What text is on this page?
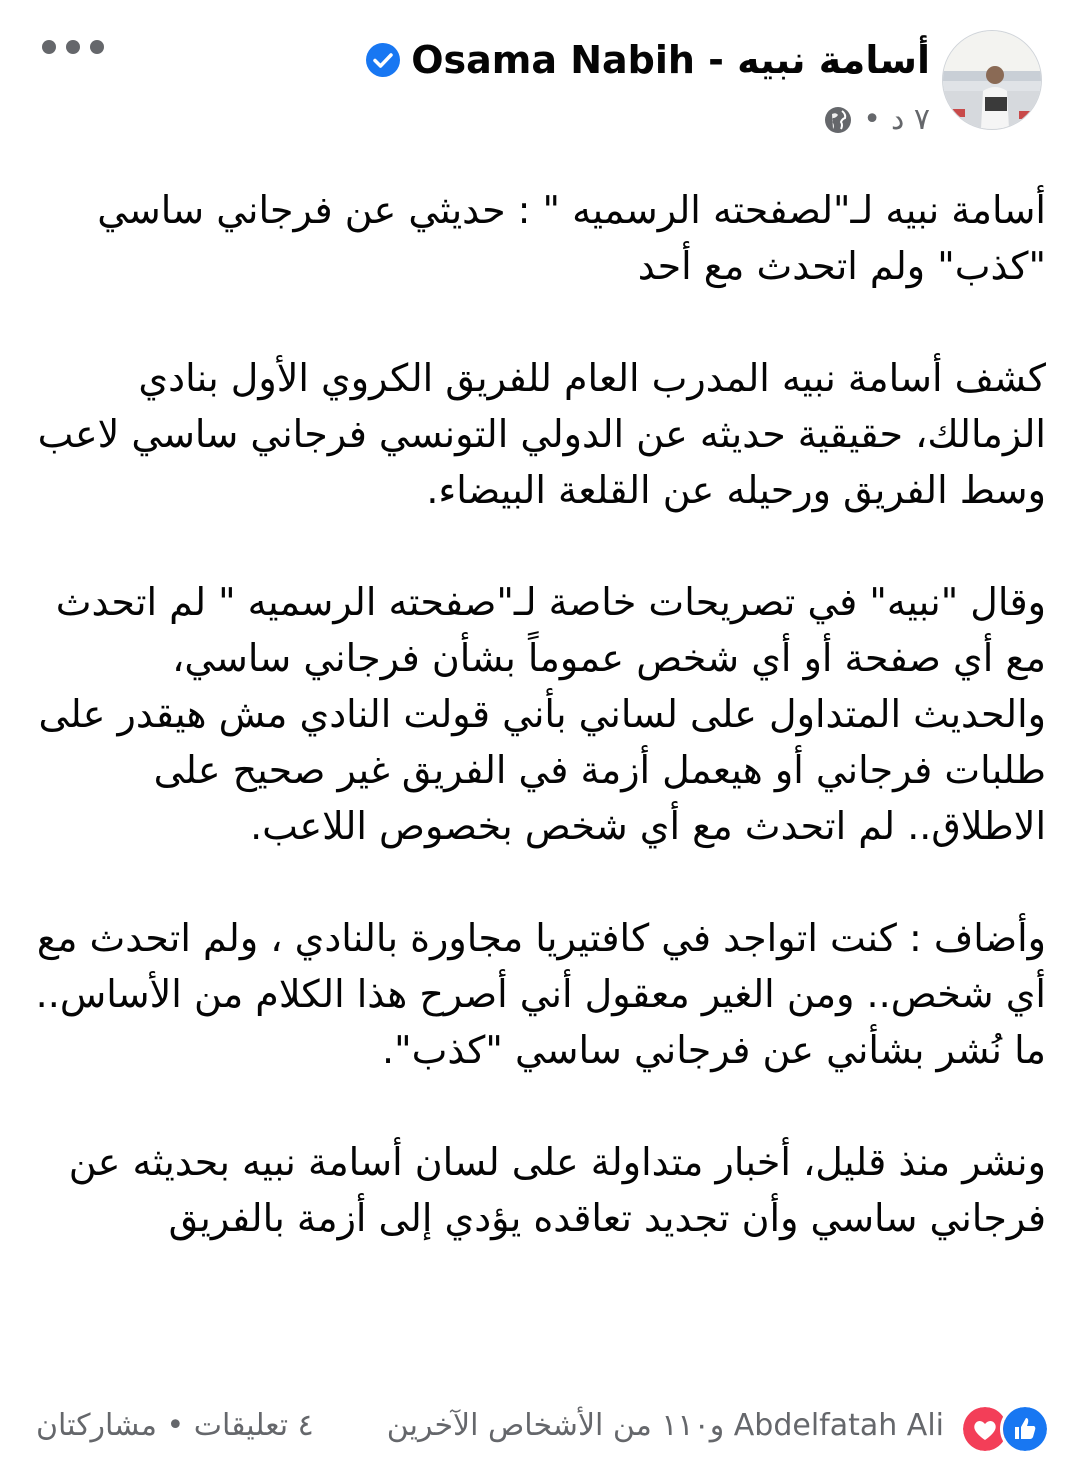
أسامة نبيه - Osama Nabih
٧ د
•

أسامة نبيه لـ"لصفحته الرسميه " : حديثي عن فرجاني ساسي "كذب" ولم اتحدث مع أحد

كشف أسامة نبيه المدرب العام للفريق الكروي الأول بنادي الزمالك، حقيقية حديثه عن الدولي التونسي فرجاني ساسي لاعب وسط الفريق ورحيله عن القلعة البيضاء.

وقال "نبيه" في تصريحات خاصة لـ"صفحته الرسميه " لم اتحدث مع أي صفحة أو أي شخص عموماً بشأن فرجاني ساسي، والحديث المتداول على لساني بأني قولت النادي مش هيقدر على طلبات فرجاني أو هيعمل أزمة في الفريق غير صحيح على الاطلاق.. لم اتحدث مع أي شخص بخصوص اللاعب.

وأضاف : كنت اتواجد في كافتيريا مجاورة بالنادي ، ولم اتحدث مع أي شخص.. ومن الغير معقول أني أصرح هذا الكلام من الأساس.. ما نُشر بشأني عن فرجاني ساسي "كذب".

ونشر منذ قليل، أخبار متداولة على لسان أسامة نبيه بحديثه عن فرجاني ساسي وأن تجديد تعاقده يؤدي إلى أزمة بالفريق

Abdelfatah Ali و١١٠ من الأشخاص الآخرين
٤ تعليقات • مشاركتان
